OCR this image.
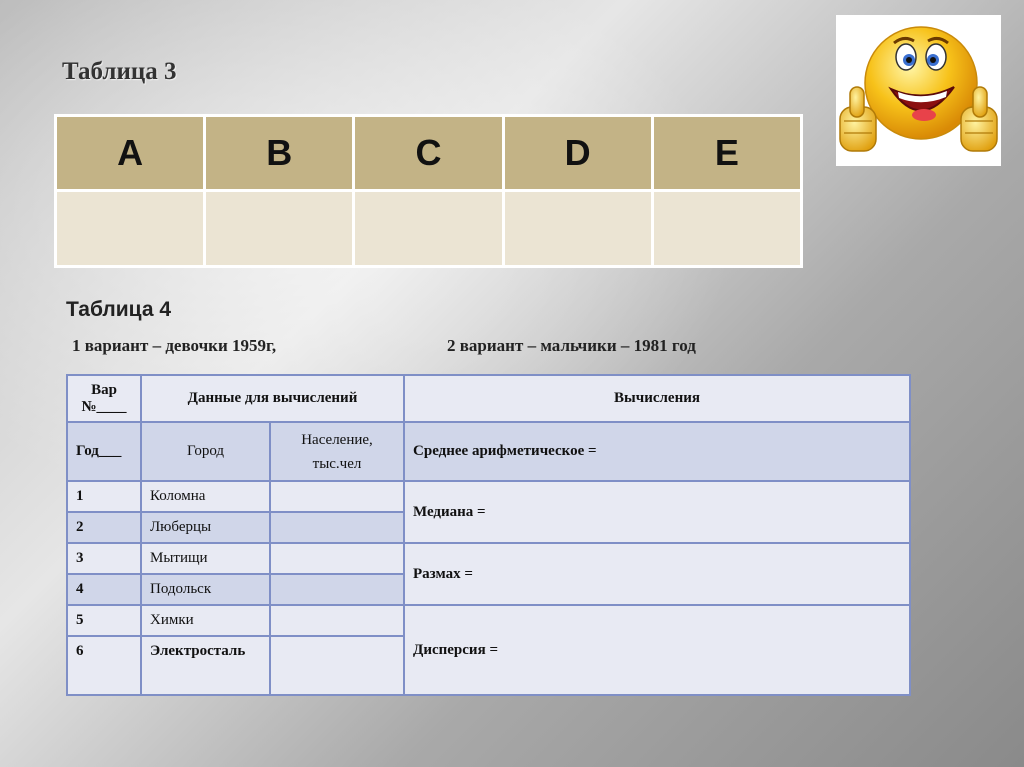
Таблица 3
A	B	C	D	E

Таблица 4
1 вариант – девочки 1959г,	2 вариант – мальчики – 1981 год
Вар №____	Данные для вычислений		Вычисления
Год___	Город	Население, тыс.чел	Среднее арифметическое =
1	Коломна		Медиана =
2	Люберцы		
3	Мытищи		Размах =
4	Подольск		
5	Химки		Дисперсия =
6	Электросталь		
